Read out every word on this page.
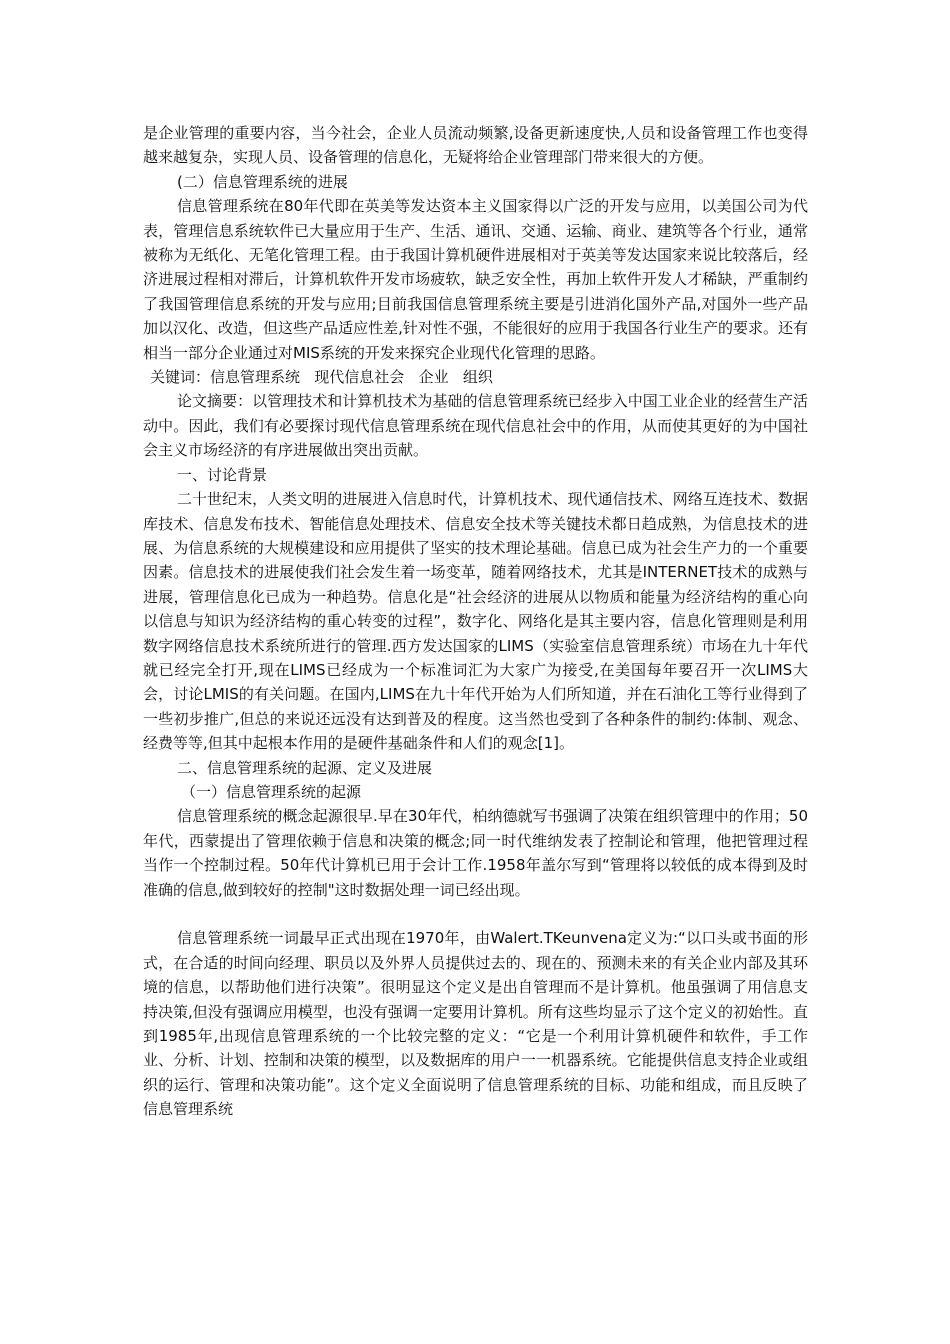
是企业管理的重要内容，当今社会，企业人员流动频繁,设备更新速度快,人员和设备管理工作也变得越来越复杂，实现人员、设备管理的信息化，无疑将给企业管理部门带来很大的方便。

(二）信息管理系统的进展

信息管理系统在80年代即在英美等发达资本主义国家得以广泛的开发与应用，以美国公司为代表，管理信息系统软件已大量应用于生产、生活、通讯、交通、运输、商业、建筑等各个行业，通常被称为无纸化、无笔化管理工程。由于我国计算机硬件进展相对于英美等发达国家来说比较落后，经济进展过程相对滞后，计算机软件开发市场疲软，缺乏安全性，再加上软件开发人才稀缺，严重制约了我国管理信息系统的开发与应用;目前我国信息管理系统主要是引进消化国外产品,对国外一些产品加以汉化、改造，但这些产品适应性差,针对性不强，不能很好的应用于我国各行业生产的要求。还有相当一部分企业通过对MIS系统的开发来探究企业现代化管理的思路。

关键词：信息管理系统   现代信息社会   企业   组织

论文摘要：以管理技术和计算机技术为基础的信息管理系统已经步入中国工业企业的经营生产活动中。因此，我们有必要探讨现代信息管理系统在现代信息社会中的作用，从而使其更好的为中国社会主义市场经济的有序进展做出突出贡献。

一、讨论背景

二十世纪末，人类文明的进展进入信息时代，计算机技术、现代通信技术、网络互连技术、数据库技术、信息发布技术、智能信息处理技术、信息安全技术等关键技术都日趋成熟，为信息技术的进展、为信息系统的大规模建设和应用提供了坚实的技术理论基础。信息已成为社会生产力的一个重要因素。信息技术的进展使我们社会发生着一场变革，随着网络技术，尤其是INTERNET技术的成熟与进展，管理信息化已成为一种趋势。信息化是“社会经济的进展从以物质和能量为经济结构的重心向以信息与知识为经济结构的重心转变的过程”，数字化、网络化是其主要内容，信息化管理则是利用数字网络信息技术系统所进行的管理.西方发达国家的LIMS（实验室信息管理系统）市场在九十年代就已经完全打开,现在LIMS已经成为一个标准词汇为大家广为接受,在美国每年要召开一次LIMS大会，讨论LMIS的有关问题。在国内,LIMS在九十年代开始为人们所知道，并在石油化工等行业得到了一些初步推广,但总的来说还远没有达到普及的程度。这当然也受到了各种条件的制约:体制、观念、经费等等,但其中起根本作用的是硬件基础条件和人们的观念[1]。

二、信息管理系统的起源、定义及进展

（一）信息管理系统的起源

信息管理系统的概念起源很早.早在30年代，柏纳德就写书强调了决策在组织管理中的作用；50年代，西蒙提出了管理依赖于信息和决策的概念;同一时代维纳发表了控制论和管理，他把管理过程当作一个控制过程。50年代计算机已用于会计工作.1958年盖尔写到“管理将以较低的成本得到及时准确的信息,做到较好的控制"这时数据处理一词已经出现。

信息管理系统一词最早正式出现在1970年，由Walert.TKeunvena定义为:“以口头或书面的形式，在合适的时间向经理、职员以及外界人员提供过去的、现在的、预测未来的有关企业内部及其环境的信息，以帮助他们进行决策”。很明显这个定义是出自管理而不是计算机。他虽强调了用信息支持决策,但没有强调应用模型，也没有强调一定要用计算机。所有这些均显示了这个定义的初始性。直到1985年,出现信息管理系统的一个比较完整的定义：“它是一个利用计算机硬件和软件，手工作业、分析、计划、控制和决策的模型，以及数据库的用户一一机器系统。它能提供信息支持企业或组织的运行、管理和决策功能”。这个定义全面说明了信息管理系统的目标、功能和组成，而且反映了信息管理系统
